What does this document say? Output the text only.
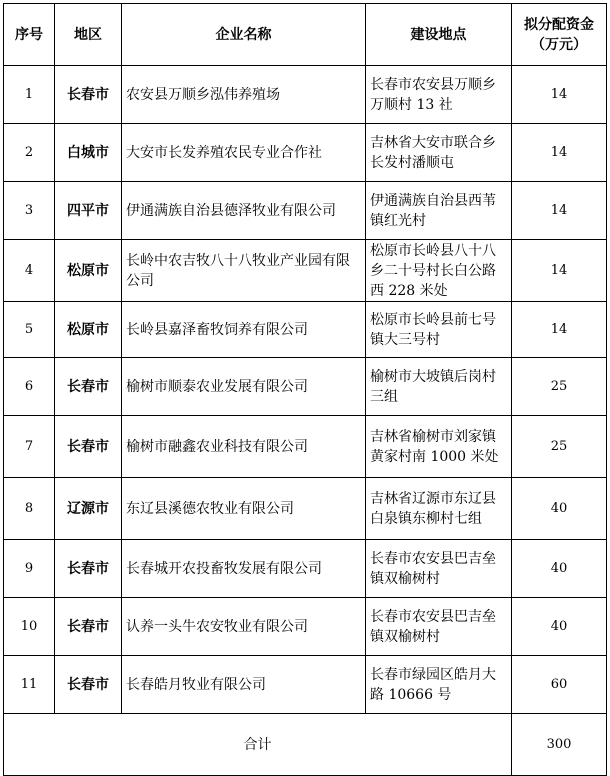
序号	地区	企业名称	建设地点	拟分配资金（万元）
1	长春市	农安县万顺乡泓伟养殖场	长春市农安县万顺乡万顺村 13 社	14
2	白城市	大安市长发养殖农民专业合作社	吉林省大安市联合乡长发村潘顺屯	14
3	四平市	伊通满族自治县德泽牧业有限公司	伊通满族自治县西苇镇红光村	14
4	松原市	长岭中农吉牧八十八牧业产业园有限公司	松原市长岭县八十八乡二十号村长白公路西 228 米处	14
5	松原市	长岭县嘉泽畜牧饲养有限公司	松原市长岭县前七号镇大三号村	14
6	长春市	榆树市顺泰农业发展有限公司	榆树市大坡镇后岗村三组	25
7	长春市	榆树市融鑫农业科技有限公司	吉林省榆树市刘家镇黄家村南 1000 米处	25
8	辽源市	东辽县溪德农牧业有限公司	吉林省辽源市东辽县白泉镇东柳村七组	40
9	长春市	长春城开农投畜牧发展有限公司	长春市农安县巴吉垒镇双榆树村	40
10	长春市	认养一头牛农安牧业有限公司	长春市农安县巴吉垒镇双榆树村	40
11	长春市	长春皓月牧业有限公司	长春市绿园区皓月大路 10666 号	60
合计				300
